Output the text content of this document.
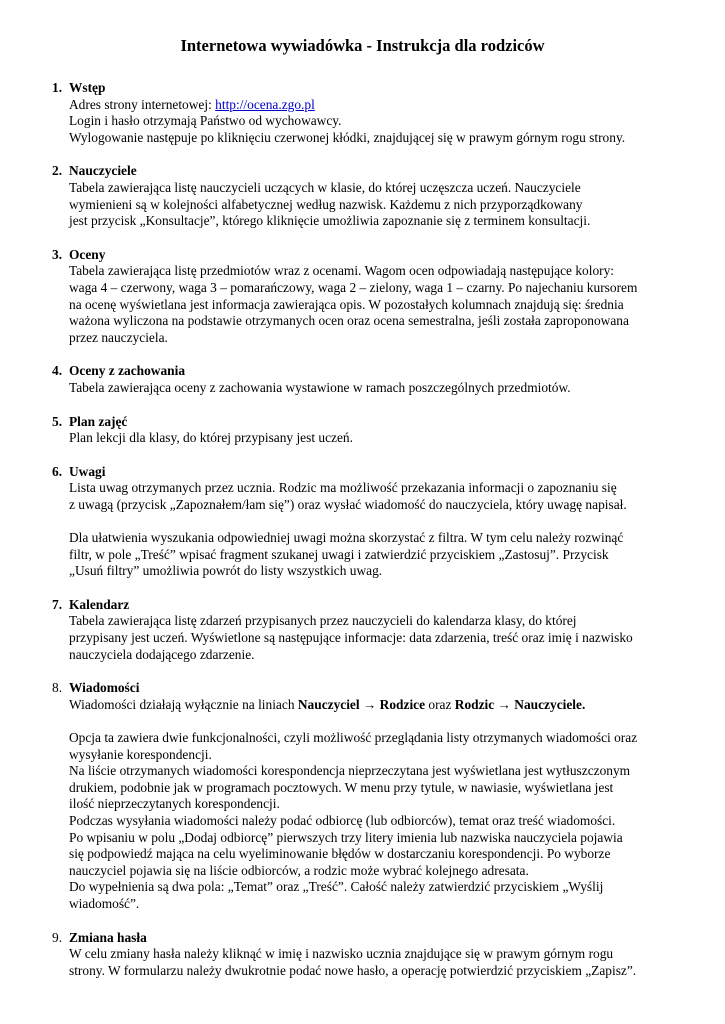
Internetowa wywiadówka - Instrukcja dla rodziców
1. Wstęp
Adres strony internetowej: http://ocena.zgo.pl
Login i hasło otrzymają Państwo od wychowawcy.
Wylogowanie następuje po kliknięciu czerwonej kłódki, znajdującej się w prawym górnym rogu strony.
2. Nauczyciele
Tabela zawierająca listę nauczycieli uczących w klasie, do której uczęszcza uczeń. Nauczyciele
wymienieni są w kolejności alfabetycznej według nazwisk. Każdemu z nich przyporządkowany
jest przycisk „Konsultacje”, którego kliknięcie umożliwia zapoznanie się z terminem konsultacji.
3. Oceny
Tabela zawierająca listę przedmiotów wraz z ocenami. Wagom ocen odpowiadają następujące kolory:
waga 4 – czerwony, waga 3 – pomarańczowy, waga 2 – zielony, waga 1 – czarny. Po najechaniu kursorem
na ocenę wyświetlana jest informacja zawierająca opis. W pozostałych kolumnach znajdują się: średnia
ważona wyliczona na podstawie otrzymanych ocen oraz ocena semestralna, jeśli została zaproponowana
przez nauczyciela.
4. Oceny z zachowania
Tabela zawierająca oceny z zachowania wystawione w ramach poszczególnych przedmiotów.
5. Plan zajęć
Plan lekcji dla klasy, do której przypisany jest uczeń.
6. Uwagi
Lista uwag otrzymanych przez ucznia. Rodzic ma możliwość przekazania informacji o zapoznaniu się
z uwagą (przycisk „Zapoznałem/łam się”) oraz wysłać wiadomość do nauczyciela, który uwagę napisał.
Dla ułatwienia wyszukania odpowiedniej uwagi można skorzystać z filtra. W tym celu należy rozwinąć
filtr, w pole „Treść” wpisać fragment szukanej uwagi i zatwierdzić przyciskiem „Zastosuj”. Przycisk
„Usuń filtry” umożliwia powrót do listy wszystkich uwag.
7. Kalendarz
Tabela zawierająca listę zdarzeń przypisanych przez nauczycieli do kalendarza klasy, do której
przypisany jest uczeń. Wyświetlone są następujące informacje: data zdarzenia, treść oraz imię i nazwisko
nauczyciela dodającego zdarzenie.
8. Wiadomości
Wiadomości działają wyłącznie na liniach Nauczyciel → Rodzice oraz Rodzic → Nauczyciele.
Opcja ta zawiera dwie funkcjonalności, czyli możliwość przeglądania listy otrzymanych wiadomości oraz
wysyłanie korespondencji.
Na liście otrzymanych wiadomości korespondencja nieprzeczytana jest wyświetlana jest wytłuszczonym
drukiem, podobnie jak w programach pocztowych. W menu przy tytule, w nawiasie, wyświetlana jest
ilość nieprzeczytanych korespondencji.
Podczas wysyłania wiadomości należy podać odbiorcę (lub odbiorców), temat oraz treść wiadomości.
Po wpisaniu w polu „Dodaj odbiorcę” pierwszych trzy litery imienia lub nazwiska nauczyciela pojawia
się podpowiedź mająca na celu wyeliminowanie błędów w dostarczaniu korespondencji. Po wyborze
nauczyciel pojawia się na liście odbiorców, a rodzic może wybrać kolejnego adresata.
Do wypełnienia są dwa pola: „Temat” oraz „Treść”. Całość należy zatwierdzić przyciskiem „Wyślij
wiadomość”.
9. Zmiana hasła
W celu zmiany hasła należy kliknąć w imię i nazwisko ucznia znajdujące się w prawym górnym rogu
strony. W formularzu należy dwukrotnie podać nowe hasło, a operację potwierdzić przyciskiem „Zapisz”.
